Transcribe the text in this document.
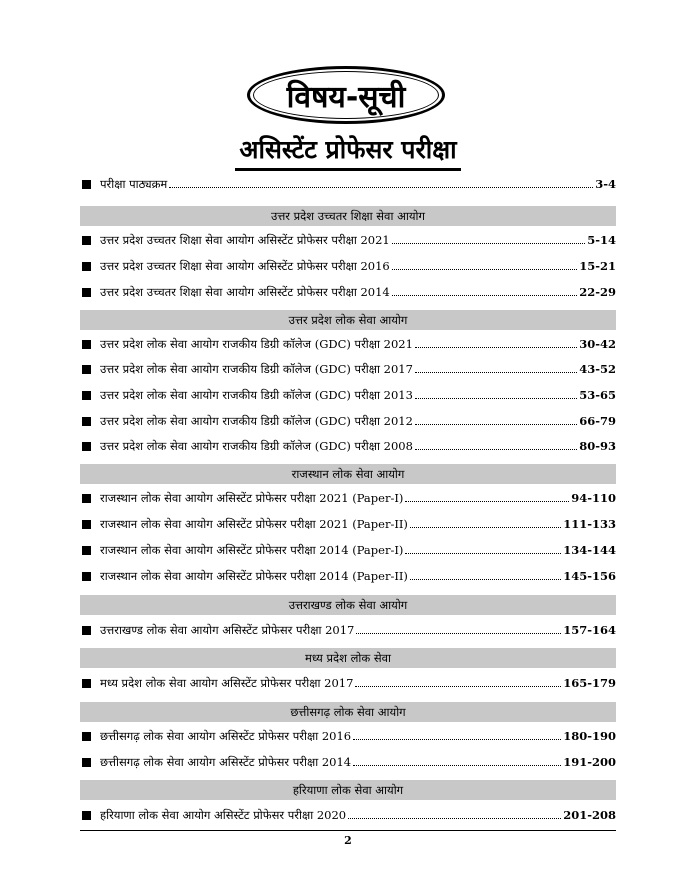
विषय-सूची
असिस्टेंट प्रोफेसर परीक्षा
परीक्षा पाठ्यक्रम	3-4
उत्तर प्रदेश उच्चतर शिक्षा सेवा आयोग
उत्तर प्रदेश उच्चतर शिक्षा सेवा आयोग असिस्टेंट प्रोफेसर परीक्षा 2021	5-14
उत्तर प्रदेश उच्चतर शिक्षा सेवा आयोग असिस्टेंट प्रोफेसर परीक्षा 2016	15-21
उत्तर प्रदेश उच्चतर शिक्षा सेवा आयोग असिस्टेंट प्रोफेसर परीक्षा 2014	22-29
उत्तर प्रदेश लोक सेवा आयोग
उत्तर प्रदेश लोक सेवा आयोग राजकीय डिग्री कॉलेज (GDC) परीक्षा 2021	30-42
उत्तर प्रदेश लोक सेवा आयोग राजकीय डिग्री कॉलेज (GDC) परीक्षा 2017	43-52
उत्तर प्रदेश लोक सेवा आयोग राजकीय डिग्री कॉलेज (GDC) परीक्षा 2013	53-65
उत्तर प्रदेश लोक सेवा आयोग राजकीय डिग्री कॉलेज (GDC) परीक्षा 2012	66-79
उत्तर प्रदेश लोक सेवा आयोग राजकीय डिग्री कॉलेज (GDC) परीक्षा 2008	80-93
राजस्थान लोक सेवा आयोग
राजस्थान लोक सेवा आयोग असिस्टेंट प्रोफेसर परीक्षा 2021 (Paper-I)	94-110
राजस्थान लोक सेवा आयोग असिस्टेंट प्रोफेसर परीक्षा 2021 (Paper-II)	111-133
राजस्थान लोक सेवा आयोग असिस्टेंट प्रोफेसर परीक्षा 2014 (Paper-I)	134-144
राजस्थान लोक सेवा आयोग असिस्टेंट प्रोफेसर परीक्षा 2014 (Paper-II)	145-156
उत्तराखण्ड लोक सेवा आयोग
उत्तराखण्ड लोक सेवा आयोग असिस्टेंट प्रोफेसर परीक्षा 2017	157-164
मध्य प्रदेश लोक सेवा
मध्य प्रदेश लोक सेवा आयोग असिस्टेंट प्रोफेसर परीक्षा 2017	165-179
छत्तीसगढ़ लोक सेवा आयोग
छत्तीसगढ़ लोक सेवा आयोग असिस्टेंट प्रोफेसर परीक्षा 2016	180-190
छत्तीसगढ़ लोक सेवा आयोग असिस्टेंट प्रोफेसर परीक्षा 2014	191-200
हरियाणा लोक सेवा आयोग
हरियाणा लोक सेवा आयोग असिस्टेंट प्रोफेसर परीक्षा 2020	201-208
2
